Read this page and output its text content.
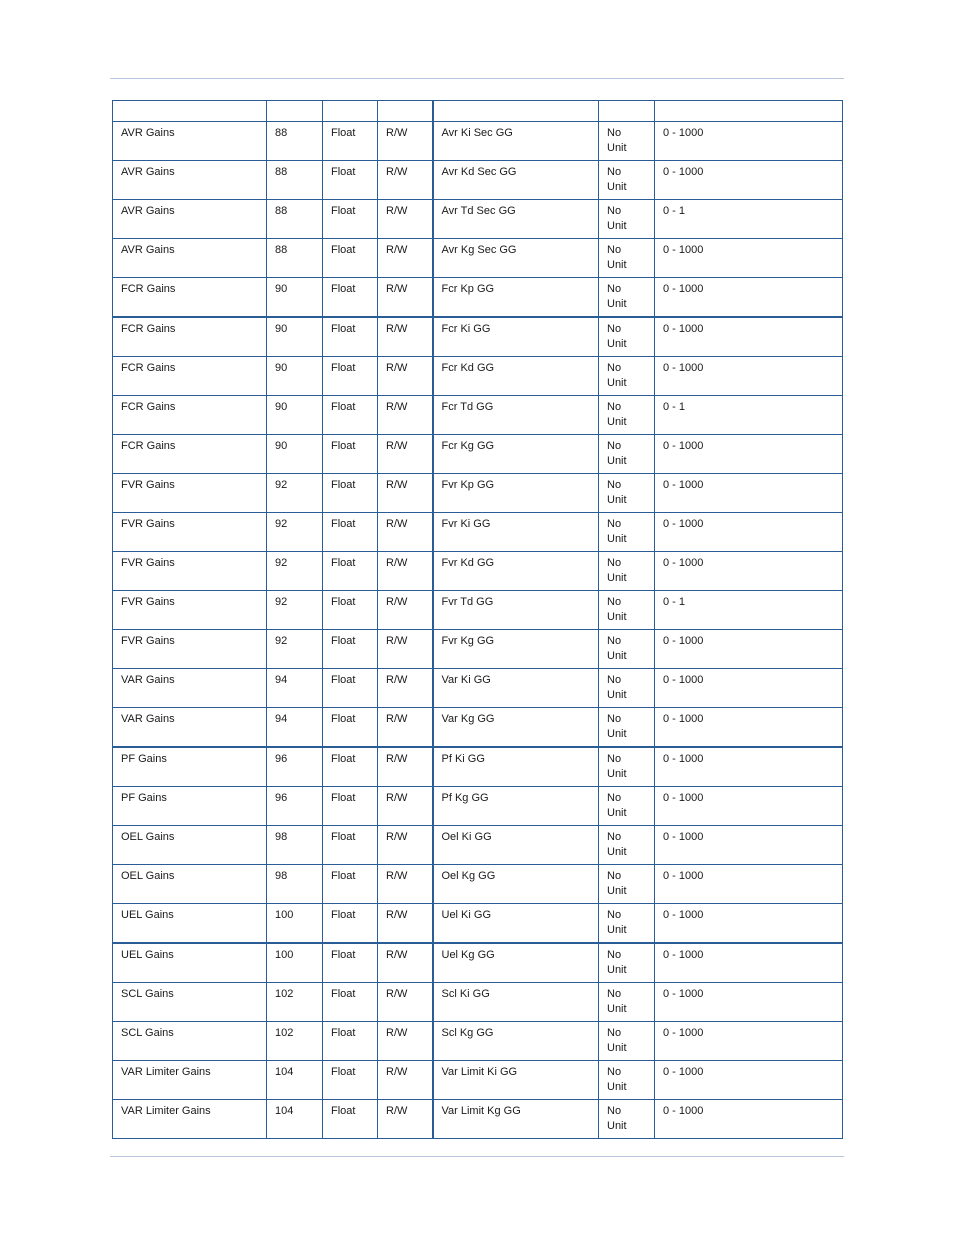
AVR Gains	88	Float	R/W	Avr Ki Sec GG	No
Unit	0 - 1000
AVR Gains	88	Float	R/W	Avr Kd Sec GG	No
Unit	0 - 1000
AVR Gains	88	Float	R/W	Avr Td Sec GG	No
Unit	0 - 1
AVR Gains	88	Float	R/W	Avr Kg Sec GG	No
Unit	0 - 1000
FCR Gains	90	Float	R/W	Fcr Kp GG	No
Unit	0 - 1000
FCR Gains	90	Float	R/W	Fcr Ki GG	No
Unit	0 - 1000
FCR Gains	90	Float	R/W	Fcr Kd GG	No
Unit	0 - 1000
FCR Gains	90	Float	R/W	Fcr Td GG	No
Unit	0 - 1
FCR Gains	90	Float	R/W	Fcr Kg GG	No
Unit	0 - 1000
FVR Gains	92	Float	R/W	Fvr Kp GG	No
Unit	0 - 1000
FVR Gains	92	Float	R/W	Fvr Ki GG	No
Unit	0 - 1000
FVR Gains	92	Float	R/W	Fvr Kd GG	No
Unit	0 - 1000
FVR Gains	92	Float	R/W	Fvr Td GG	No
Unit	0 - 1
FVR Gains	92	Float	R/W	Fvr Kg GG	No
Unit	0 - 1000
VAR Gains	94	Float	R/W	Var Ki GG	No
Unit	0 - 1000
VAR Gains	94	Float	R/W	Var Kg GG	No
Unit	0 - 1000
PF Gains	96	Float	R/W	Pf Ki GG	No
Unit	0 - 1000
PF Gains	96	Float	R/W	Pf Kg GG	No
Unit	0 - 1000
OEL Gains	98	Float	R/W	Oel Ki GG	No
Unit	0 - 1000
OEL Gains	98	Float	R/W	Oel Kg GG	No
Unit	0 - 1000
UEL Gains	100	Float	R/W	Uel Ki GG	No
Unit	0 - 1000
UEL Gains	100	Float	R/W	Uel Kg GG	No
Unit	0 - 1000
SCL Gains	102	Float	R/W	Scl Ki GG	No
Unit	0 - 1000
SCL Gains	102	Float	R/W	Scl Kg GG	No
Unit	0 - 1000
VAR Limiter Gains	104	Float	R/W	Var Limit Ki GG	No
Unit	0 - 1000
VAR Limiter Gains	104	Float	R/W	Var Limit Kg GG	No
Unit	0 - 1000
